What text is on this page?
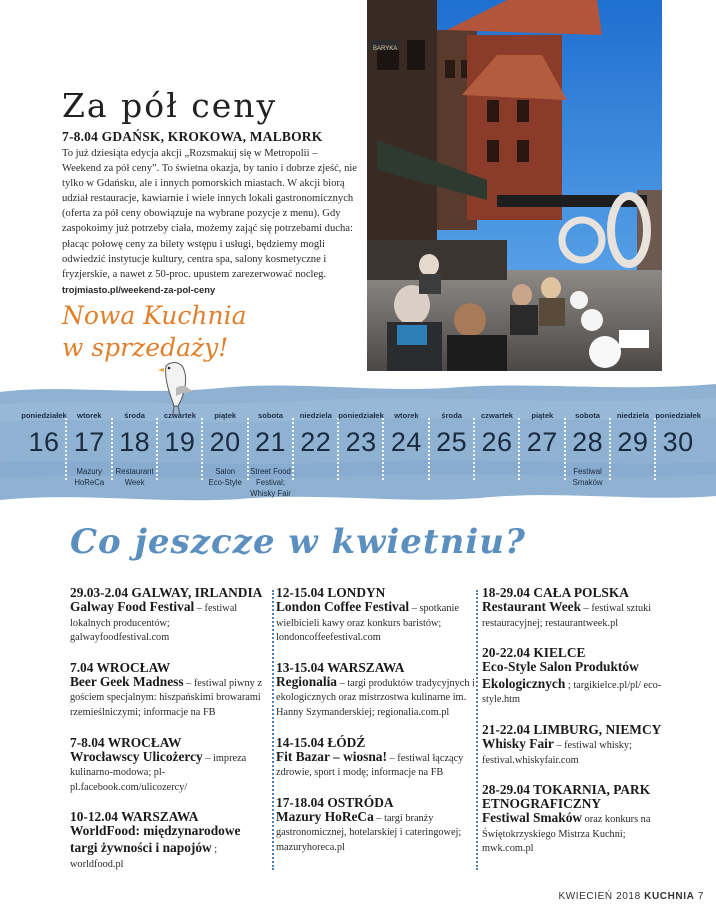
Za pół ceny
7-8.04 GDAŃSK, KROKOWA, MALBORK

To już dziesiąta edycja akcji „Rozsmakuj się w Metropolii – Weekend za pół ceny”. To świetna okazja, by tanio i dobrze zjeść, nie tylko w Gdańsku, ale i innych pomorskich miastach. W akcji biorą udział restauracje, kawiarnie i wiele innych lokali gastronomicznych (oferta za pół ceny obowiązuje na wybrane pozycje z menu). Gdy zaspokoimy już potrzeby ciała, możemy zająć się potrzebami ducha: płacąc połowę ceny za bilety wstępu i usługi, będziemy mogli odwiedzić instytucje kultury, centra spa, salony kosmetyczne i fryzjerskie, a nawet z 50-proc. upustem zarezerwować nocleg. trojmiasto.pl/weekend-za-pol-ceny

Nowa Kuchnia
w sprzedaży!
BARYKA
poniedziałek
16
wtorek
17
Mazury
HoReCa
środa
18
Restaurant
Week
czwartek
19
piątek
20
Salon
Eco-Style
sobota
21
Street Food
Festival;
Whisky Fair
niedziela
22
poniedziałek
23
wtorek
24
środa
25
czwartek
26
piątek
27
sobota
28
Festiwal
Smaków
niedziela
29
poniedziałek
30
Co jeszcze w kwietniu?
29.03-2.04 GALWAY, IRLANDIA
Galway Food Festival – festiwal lokalnych producentów; galwayfoodfestival.com
7.04 WROCŁAW
Beer Geek Madness – festiwal piwny z gościem specjalnym: hiszpańskimi browarami rzemieślniczymi; informacje na FB
7-8.04 WROCŁAW
Wrocławscy Ulicożercy – impreza kulinarno-modowa; pl-pl.facebook.com/ulicozercy/
10-12.04 WARSZAWA
WorldFood: międzynarodowe targi żywności i napojów ; worldfood.pl
12-15.04 LONDYN
London Coffee Festival – spotkanie wielbicieli kawy oraz konkurs baristów; londoncoffeefestival.com
13-15.04 WARSZAWA
Regionalia – targi produktów tradycyjnych i ekologicznych oraz mistrzostwa kulinarne im. Hanny Szymanderskiej; regionalia.com.pl
14-15.04 ŁÓDŹ
Fit Bazar – wiosna! – festiwal łączący zdrowie, sport i modę; informacje na FB
17-18.04 OSTRÓDA
Mazury HoReCa – targi branży gastronomicznej, hotelarskiej i cateringowej; mazuryhoreca.pl
18-29.04 CAŁA POLSKA
Restaurant Week – festiwal sztuki restauracyjnej; restaurantweek.pl
20-22.04 KIELCE
Eco-Style Salon Produktów Ekologicznych ; targikielce.pl/pl/ eco-style.htm
21-22.04 LIMBURG, NIEMCY
Whisky Fair – festiwal whisky; festival.whiskyfair.com
28-29.04 TOKARNIA, PARK ETNOGRAFICZNY
Festiwal Smaków oraz konkurs na Świętokrzyskiego Mistrza Kuchni; mwk.com.pl
KWIECIEŃ 2018 KUCHNIA 7
